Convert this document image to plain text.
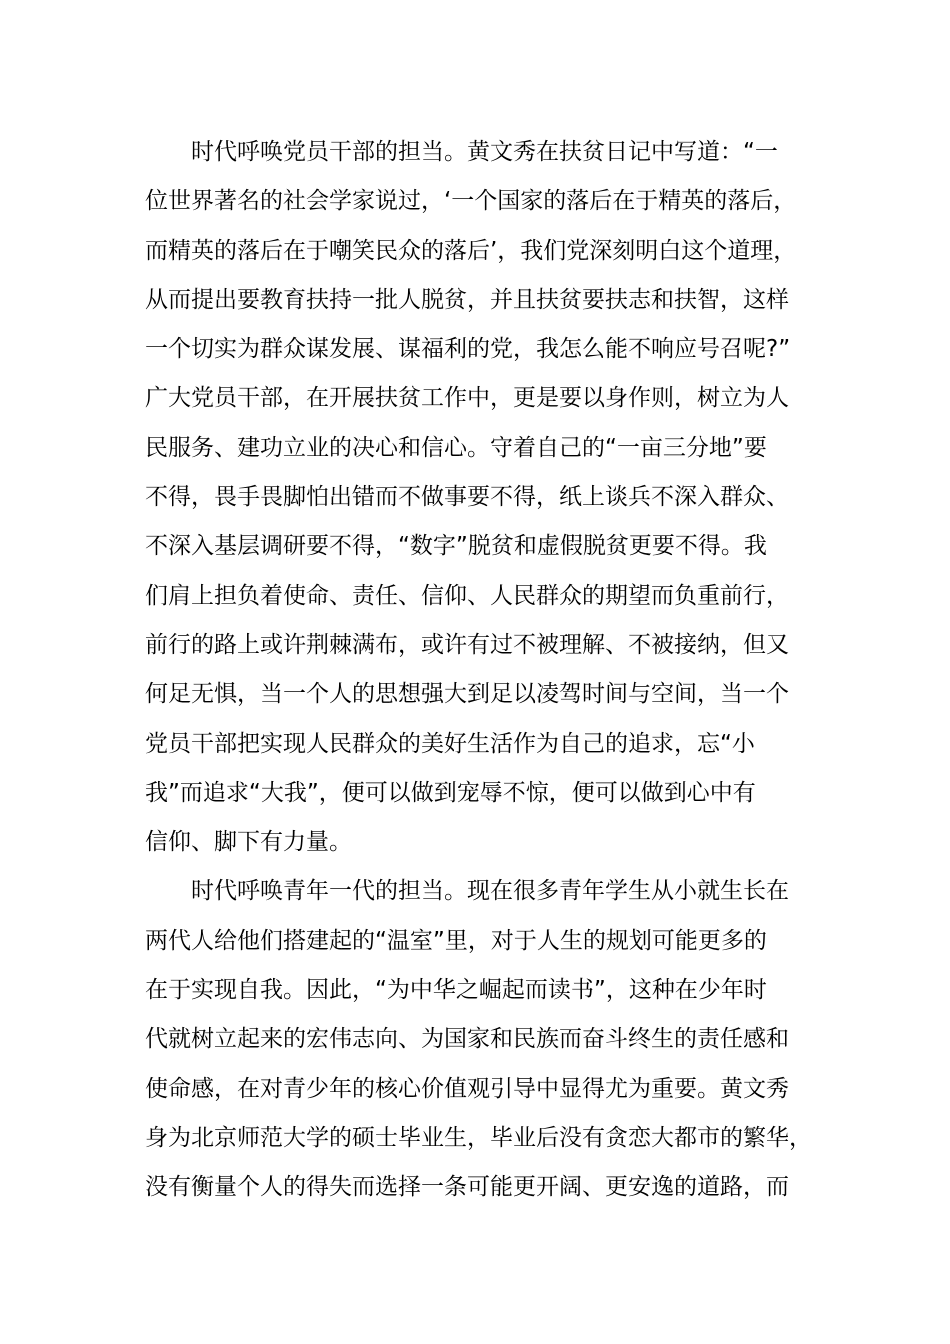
时代呼唤党员干部的担当。黄文秀在扶贫日记中写道：“一
位世界著名的社会学家说过，‘一个国家的落后在于精英的落后，
而精英的落后在于嘲笑民众的落后’，我们党深刻明白这个道理，
从而提出要教育扶持一批人脱贫，并且扶贫要扶志和扶智，这样
一个切实为群众谋发展、谋福利的党，我怎么能不响应号召呢?”
广大党员干部，在开展扶贫工作中，更是要以身作则，树立为人
民服务、建功立业的决心和信心。守着自己的“一亩三分地”要
不得，畏手畏脚怕出错而不做事要不得，纸上谈兵不深入群众、
不深入基层调研要不得，“数字”脱贫和虚假脱贫更要不得。我
们肩上担负着使命、责任、信仰、人民群众的期望而负重前行，
前行的路上或许荆棘满布，或许有过不被理解、不被接纳，但又
何足无惧，当一个人的思想强大到足以凌驾时间与空间，当一个
党员干部把实现人民群众的美好生活作为自己的追求，忘“小
我”而追求“大我”，便可以做到宠辱不惊，便可以做到心中有
信仰、脚下有力量。
时代呼唤青年一代的担当。现在很多青年学生从小就生长在
两代人给他们搭建起的“温室”里，对于人生的规划可能更多的
在于实现自我。因此，“为中华之崛起而读书”，这种在少年时
代就树立起来的宏伟志向、为国家和民族而奋斗终生的责任感和
使命感，在对青少年的核心价值观引导中显得尤为重要。黄文秀
身为北京师范大学的硕士毕业生，毕业后没有贪恋大都市的繁华，
没有衡量个人的得失而选择一条可能更开阔、更安逸的道路，而
